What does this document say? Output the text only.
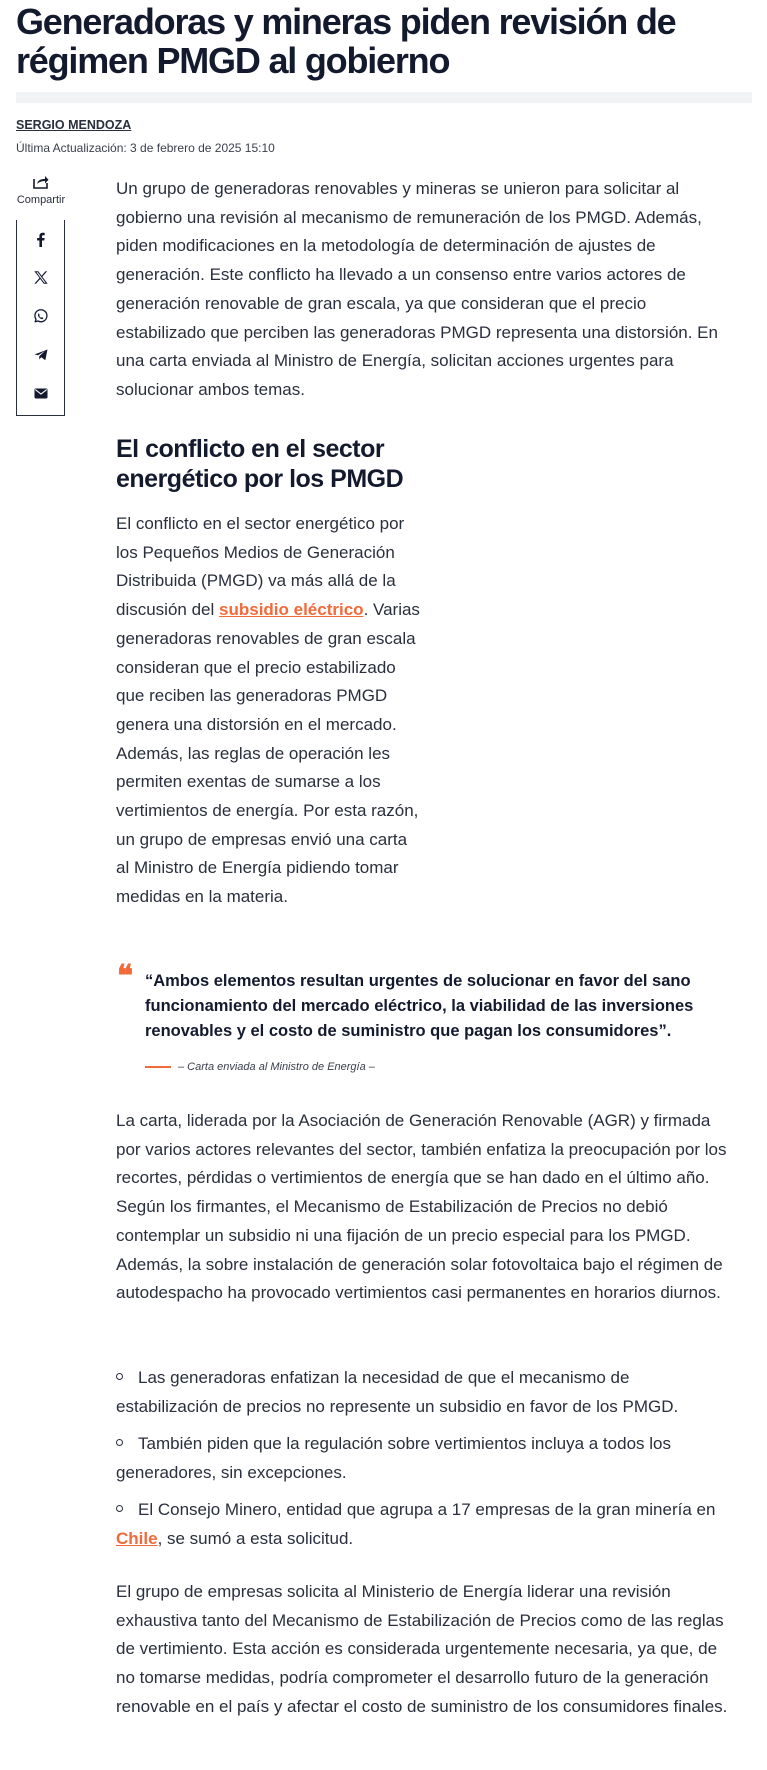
Generadoras y mineras piden revisión de régimen PMGD al gobierno
SERGIO MENDOZA
Última Actualización: 3 de febrero de 2025 15:10
Compartir

Un grupo de generadoras renovables y mineras se unieron para solicitar al gobierno una revisión al mecanismo de remuneración de los PMGD. Además, piden modificaciones en la metodología de determinación de ajustes de generación. Este conflicto ha llevado a un consenso entre varios actores de generación renovable de gran escala, ya que consideran que el precio estabilizado que perciben las generadoras PMGD representa una distorsión. En una carta enviada al Ministro de Energía, solicitan acciones urgentes para solucionar ambos temas.

El conflicto en el sector energético por los PMGD

El conflicto en el sector energético por los Pequeños Medios de Generación Distribuida (PMGD) va más allá de la discusión del subsidio eléctrico. Varias generadoras renovables de gran escala consideran que el precio estabilizado que reciben las generadoras PMGD genera una distorsión en el mercado. Además, las reglas de operación les permiten exentas de sumarse a los vertimientos de energía. Por esta razón, un grupo de empresas envió una carta al Ministro de Energía pidiendo tomar medidas en la materia.

❝ “Ambos elementos resultan urgentes de solucionar en favor del sano funcionamiento del mercado eléctrico, la viabilidad de las inversiones renovables y el costo de suministro que pagan los consumidores”.
– Carta enviada al Ministro de Energía –

La carta, liderada por la Asociación de Generación Renovable (AGR) y firmada por varios actores relevantes del sector, también enfatiza la preocupación por los recortes, pérdidas o vertimientos de energía que se han dado en el último año. Según los firmantes, el Mecanismo de Estabilización de Precios no debió contemplar un subsidio ni una fijación de un precio especial para los PMGD. Además, la sobre instalación de generación solar fotovoltaica bajo el régimen de autodespacho ha provocado vertimientos casi permanentes en horarios diurnos.

Las generadoras enfatizan la necesidad de que el mecanismo de estabilización de precios no represente un subsidio en favor de los PMGD.
También piden que la regulación sobre vertimientos incluya a todos los generadores, sin excepciones.
El Consejo Minero, entidad que agrupa a 17 empresas de la gran minería en Chile, se sumó a esta solicitud.

El grupo de empresas solicita al Ministerio de Energía liderar una revisión exhaustiva tanto del Mecanismo de Estabilización de Precios como de las reglas de vertimiento. Esta acción es considerada urgentemente necesaria, ya que, de no tomarse medidas, podría comprometer el desarrollo futuro de la generación renovable en el país y afectar el costo de suministro de los consumidores finales.
